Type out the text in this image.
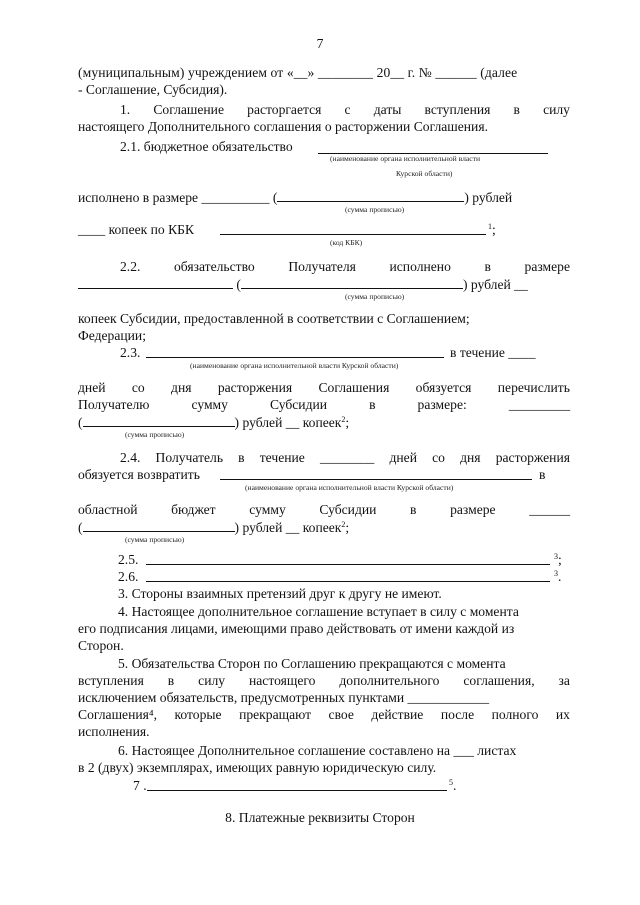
7
(муниципальным) учреждением от «__» ________ 20__ г. № ______ (далее
- Соглашение, Субсидия).
1. Соглашение расторгается с даты вступления в силу
настоящего Дополнительного соглашения о расторжении Соглашения.
2.1. бюджетное обязательство
(наименование органа исполнительной власти
Курской области)
исполнено в размере __________ (	) рублей
(сумма прописью)
____ копеек по КБК	$^1$;
(код КБК)
2.2. обязательство Получателя исполнено в размере
(	) рублей __
(сумма прописью)
копеек Субсидии, предоставленной в соответствии с Соглашением;
Федерации;
2.3.	в течение ____
(наименование органа исполнительной власти Курской области)
дней со дня расторжения Соглашения обязуется перечислить
Получателю	сумму	Субсидии	в	размере:	_________
(	) рублей __ копеек$^2$;
(сумма прописью)
2.4. Получатель в течение ________ дней со дня расторжения
обязуется возвратить	в
(наименование органа исполнительной власти Курской области)
областной бюджет сумму Субсидии в размере ______
(	) рублей __ копеек$^2$;
(сумма прописью)
2.5.	$^3$;
2.6.	$^3$.
3. Стороны взаимных претензий друг к другу не имеют.
4. Настоящее дополнительное соглашение вступает в силу с момента
его подписания лицами, имеющими право действовать от имени каждой из
Сторон.
5. Обязательства Сторон по Соглашению прекращаются с момента
вступления в силу настоящего дополнительного соглашения, за
исключением обязательств, предусмотренных пунктами ____________
Соглашения⁴, которые прекращают свое действие после полного их
исполнения.
6. Настоящее Дополнительное соглашение составлено на ___ листах
в 2 (двух) экземплярах, имеющих равную юридическую силу.
7 .	$^5$.
8. Платежные реквизиты Сторон
